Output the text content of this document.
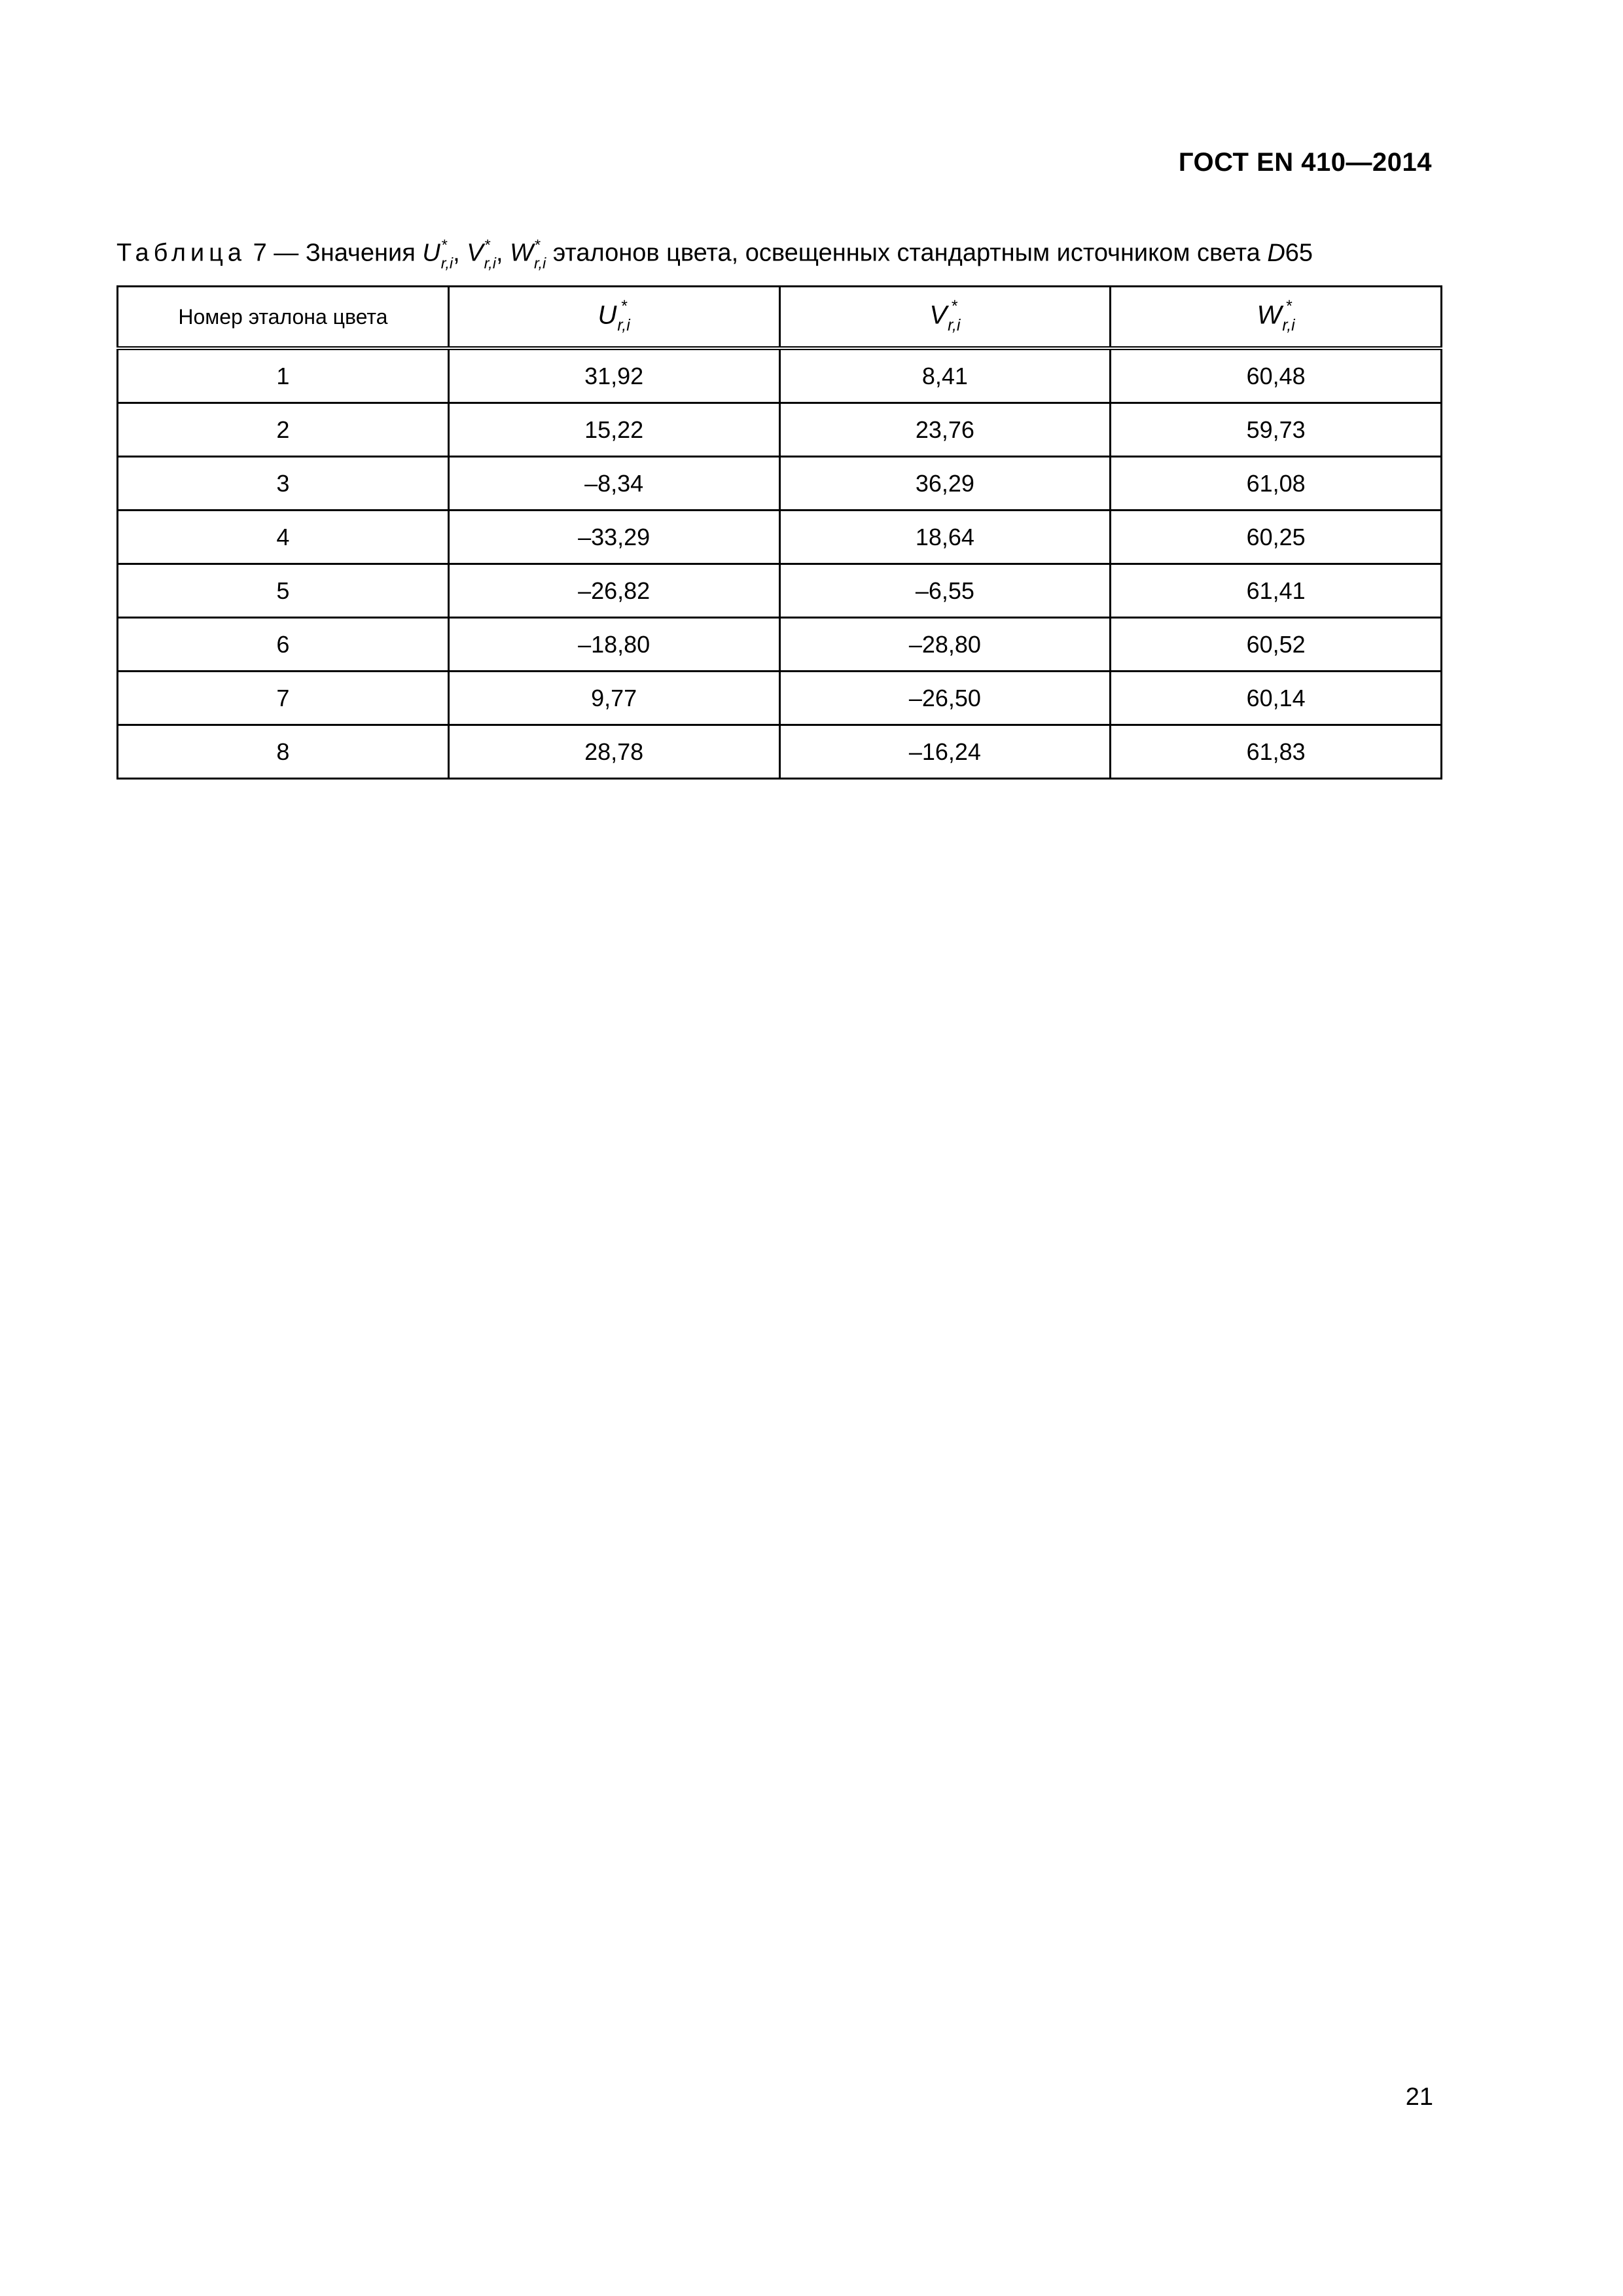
ГОСТ EN 410—2014
Таблица 7 — Значения U *
r,i , V *
r,i , W *
r,i эталонов цвета, освещенных стандартным источником света D65
Номер эталона цвета	U *
r,i	V *
r,i	W *
r,i

1	31,92	8,41	60,48
2	15,22	23,76	59,73
3	–8,34	36,29	61,08
4	–33,29	18,64	60,25
5	–26,82	–6,55	61,41
6	–18,80	–28,80	60,52
7	9,77	–26,50	60,14
8	28,78	–16,24	61,83
21
